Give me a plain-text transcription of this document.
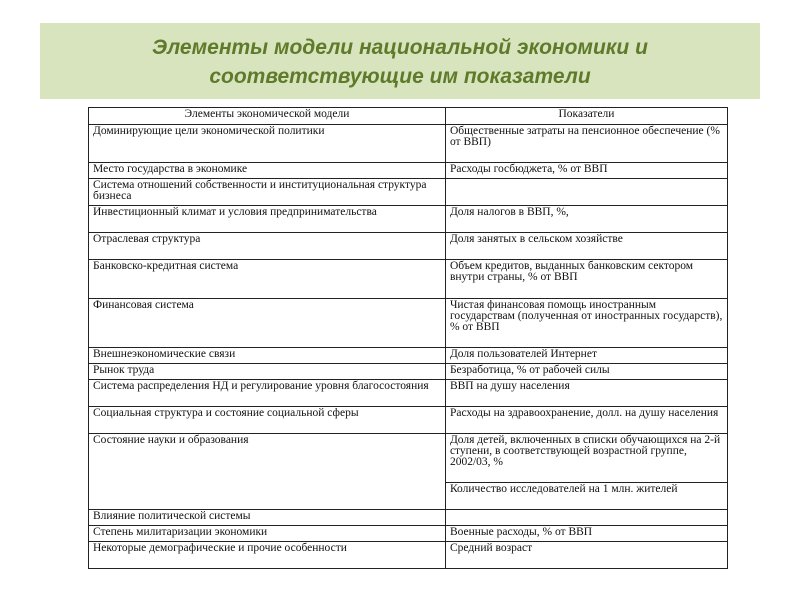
Элементы модели национальной экономики и
соответствующие им показатели
Элементы экономической модели	Показатели
Доминирующие цели экономической политики	Общественные затраты на пенсионное обеспечение (% от ВВП)
Место государства в экономике	Расходы госбюджета, % от ВВП
Система отношений собственности и институциональная структура бизнеса	
Инвестиционный климат и условия предпринимательства	Доля налогов в ВВП, %,
Отраслевая структура	Доля занятых в сельском хозяйстве
Банковско-кредитная система	Объем кредитов, выданных банковским сектором внутри страны, % от ВВП
Финансовая система	Чистая финансовая помощь иностранным государствам (полученная от иностранных государств), % от ВВП
Внешнеэкономические связи	Доля пользователей Интернет
Рынок труда	Безработица, % от рабочей силы
Система распределения НД и регулирование уровня благосостояния	ВВП на душу населения
Социальная структура и состояние социальной сферы	Расходы на здравоохранение, долл. на душу населения
Состояние науки и образования	Доля детей, включенных в списки обучающихся на 2-й ступени, в соответствующей возрастной группе, 2002/03, %
	Количество исследователей на 1 млн. жителей
Влияние политической системы	
Степень милитаризации экономики	Военные расходы, % от ВВП
Некоторые демографические и прочие особенности	Средний возраст
